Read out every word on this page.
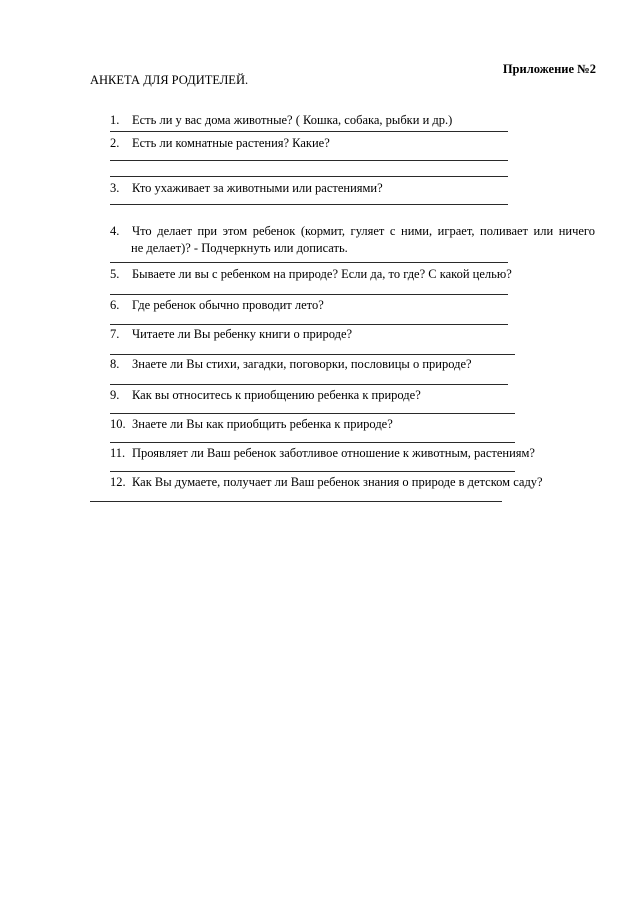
Приложение №2
АНКЕТА ДЛЯ РОДИТЕЛЕЙ.
1. Есть ли у вас дома животные? ( Кошка, собака, рыбки и др.)
2. Есть ли комнатные растения? Какие?
3. Кто ухаживает за животными или растениями?
4. Что делает при этом ребенок (кормит, гуляет с ними, играет, поливает или ничего
не делает)? - Подчеркнуть или дописать.
5. Бываете ли вы с ребенком на природе? Если да, то где? С какой целью?
6. Где ребенок обычно проводит лето?
7. Читаете ли Вы ребенку книги о природе?
8. Знаете ли Вы стихи, загадки, поговорки, пословицы о природе?
9. Как вы относитесь к приобщению ребенка к природе?
10. Знаете ли Вы как приобщить ребенка к природе?
11. Проявляет ли Ваш ребенок заботливое отношение к животным, растениям?
12. Как Вы думаете, получает ли Ваш ребенок знания о природе в детском саду?
